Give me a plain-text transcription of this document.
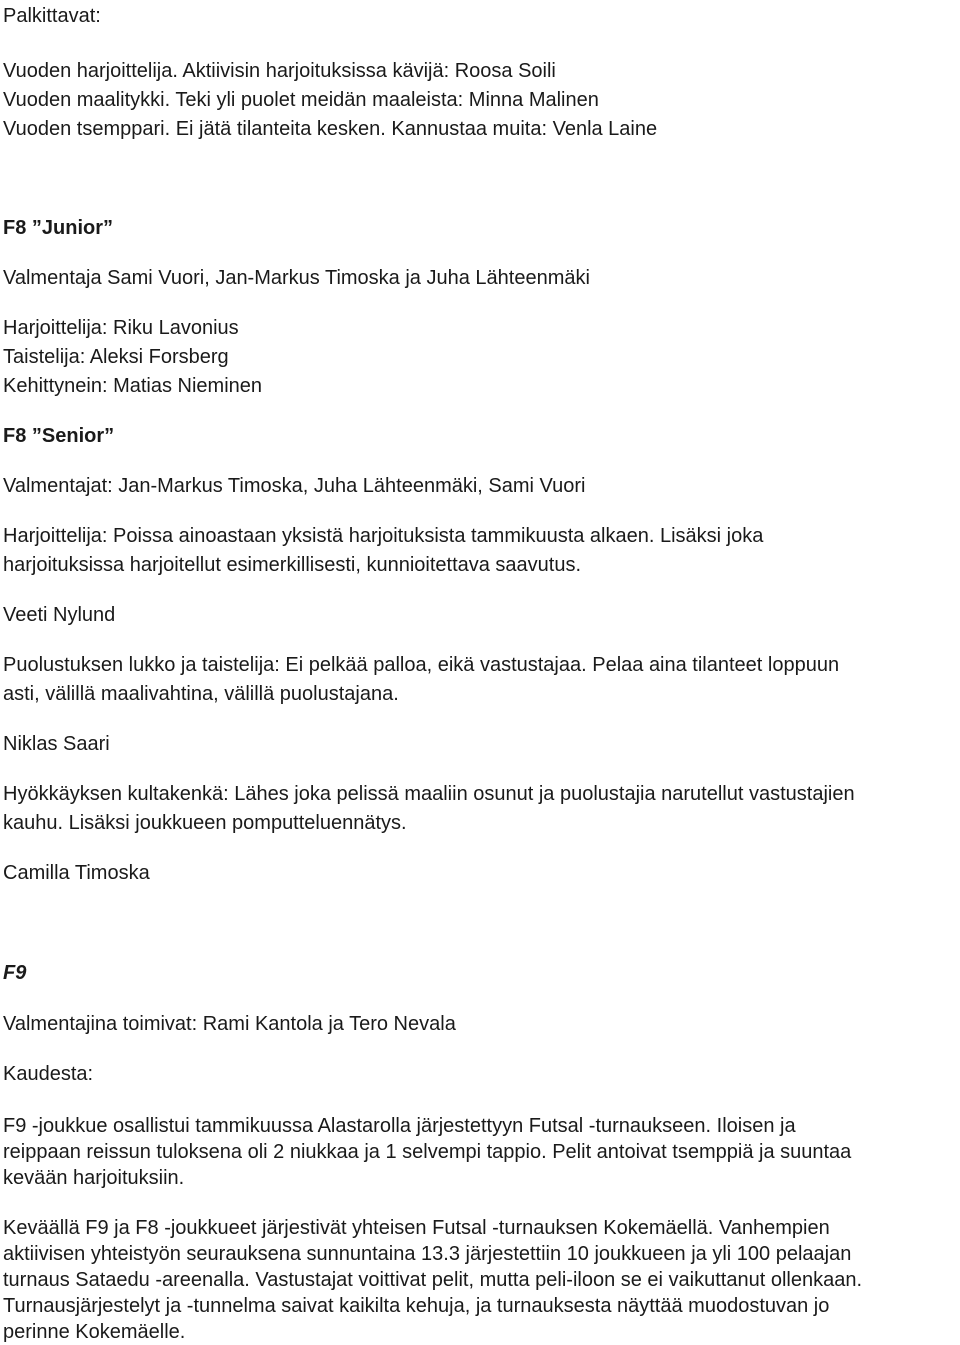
Palkittavat:
Vuoden harjoittelija. Aktiivisin harjoituksissa kävijä: Roosa Soili
Vuoden maalitykki. Teki yli puolet meidän maaleista: Minna Malinen
Vuoden tsemppari. Ei jätä tilanteita kesken. Kannustaa muita: Venla Laine
F8 ”Junior”
Valmentaja Sami Vuori, Jan-Markus Timoska ja Juha Lähteenmäki
Harjoittelija: Riku Lavonius
Taistelija: Aleksi Forsberg
Kehittynein: Matias Nieminen
F8 ”Senior”
Valmentajat: Jan-Markus Timoska, Juha Lähteenmäki, Sami Vuori
Harjoittelija: Poissa ainoastaan yksistä harjoituksista tammikuusta alkaen. Lisäksi joka
harjoituksissa harjoitellut esimerkillisesti, kunnioitettava saavutus.
Veeti Nylund
Puolustuksen lukko ja taistelija: Ei pelkää palloa, eikä vastustajaa. Pelaa aina tilanteet loppuun
asti, välillä maalivahtina, välillä puolustajana.
Niklas Saari
Hyökkäyksen kultakenkä: Lähes joka pelissä maaliin osunut ja puolustajia narutellut vastustajien
kauhu. Lisäksi joukkueen pomputteluennätys.
Camilla Timoska
F9
Valmentajina toimivat: Rami Kantola ja Tero Nevala
Kaudesta:
F9 -joukkue osallistui tammikuussa Alastarolla järjestettyyn Futsal -turnaukseen. Iloisen ja
reippaan reissun tuloksena oli 2 niukkaa ja 1 selvempi tappio. Pelit antoivat tsemppiä ja suuntaa
kevään harjoituksiin.
Keväällä F9 ja F8 -joukkueet järjestivät yhteisen Futsal -turnauksen Kokemäellä. Vanhempien
aktiivisen yhteistyön seurauksena sunnuntaina 13.3 järjestettiin 10 joukkueen ja yli 100 pelaajan
turnaus Sataedu -areenalla. Vastustajat voittivat pelit, mutta peli-iloon se ei vaikuttanut ollenkaan.
Turnausjärjestelyt ja -tunnelma saivat kaikilta kehuja, ja turnauksesta näyttää muodostuvan jo
perinne Kokemäelle.
